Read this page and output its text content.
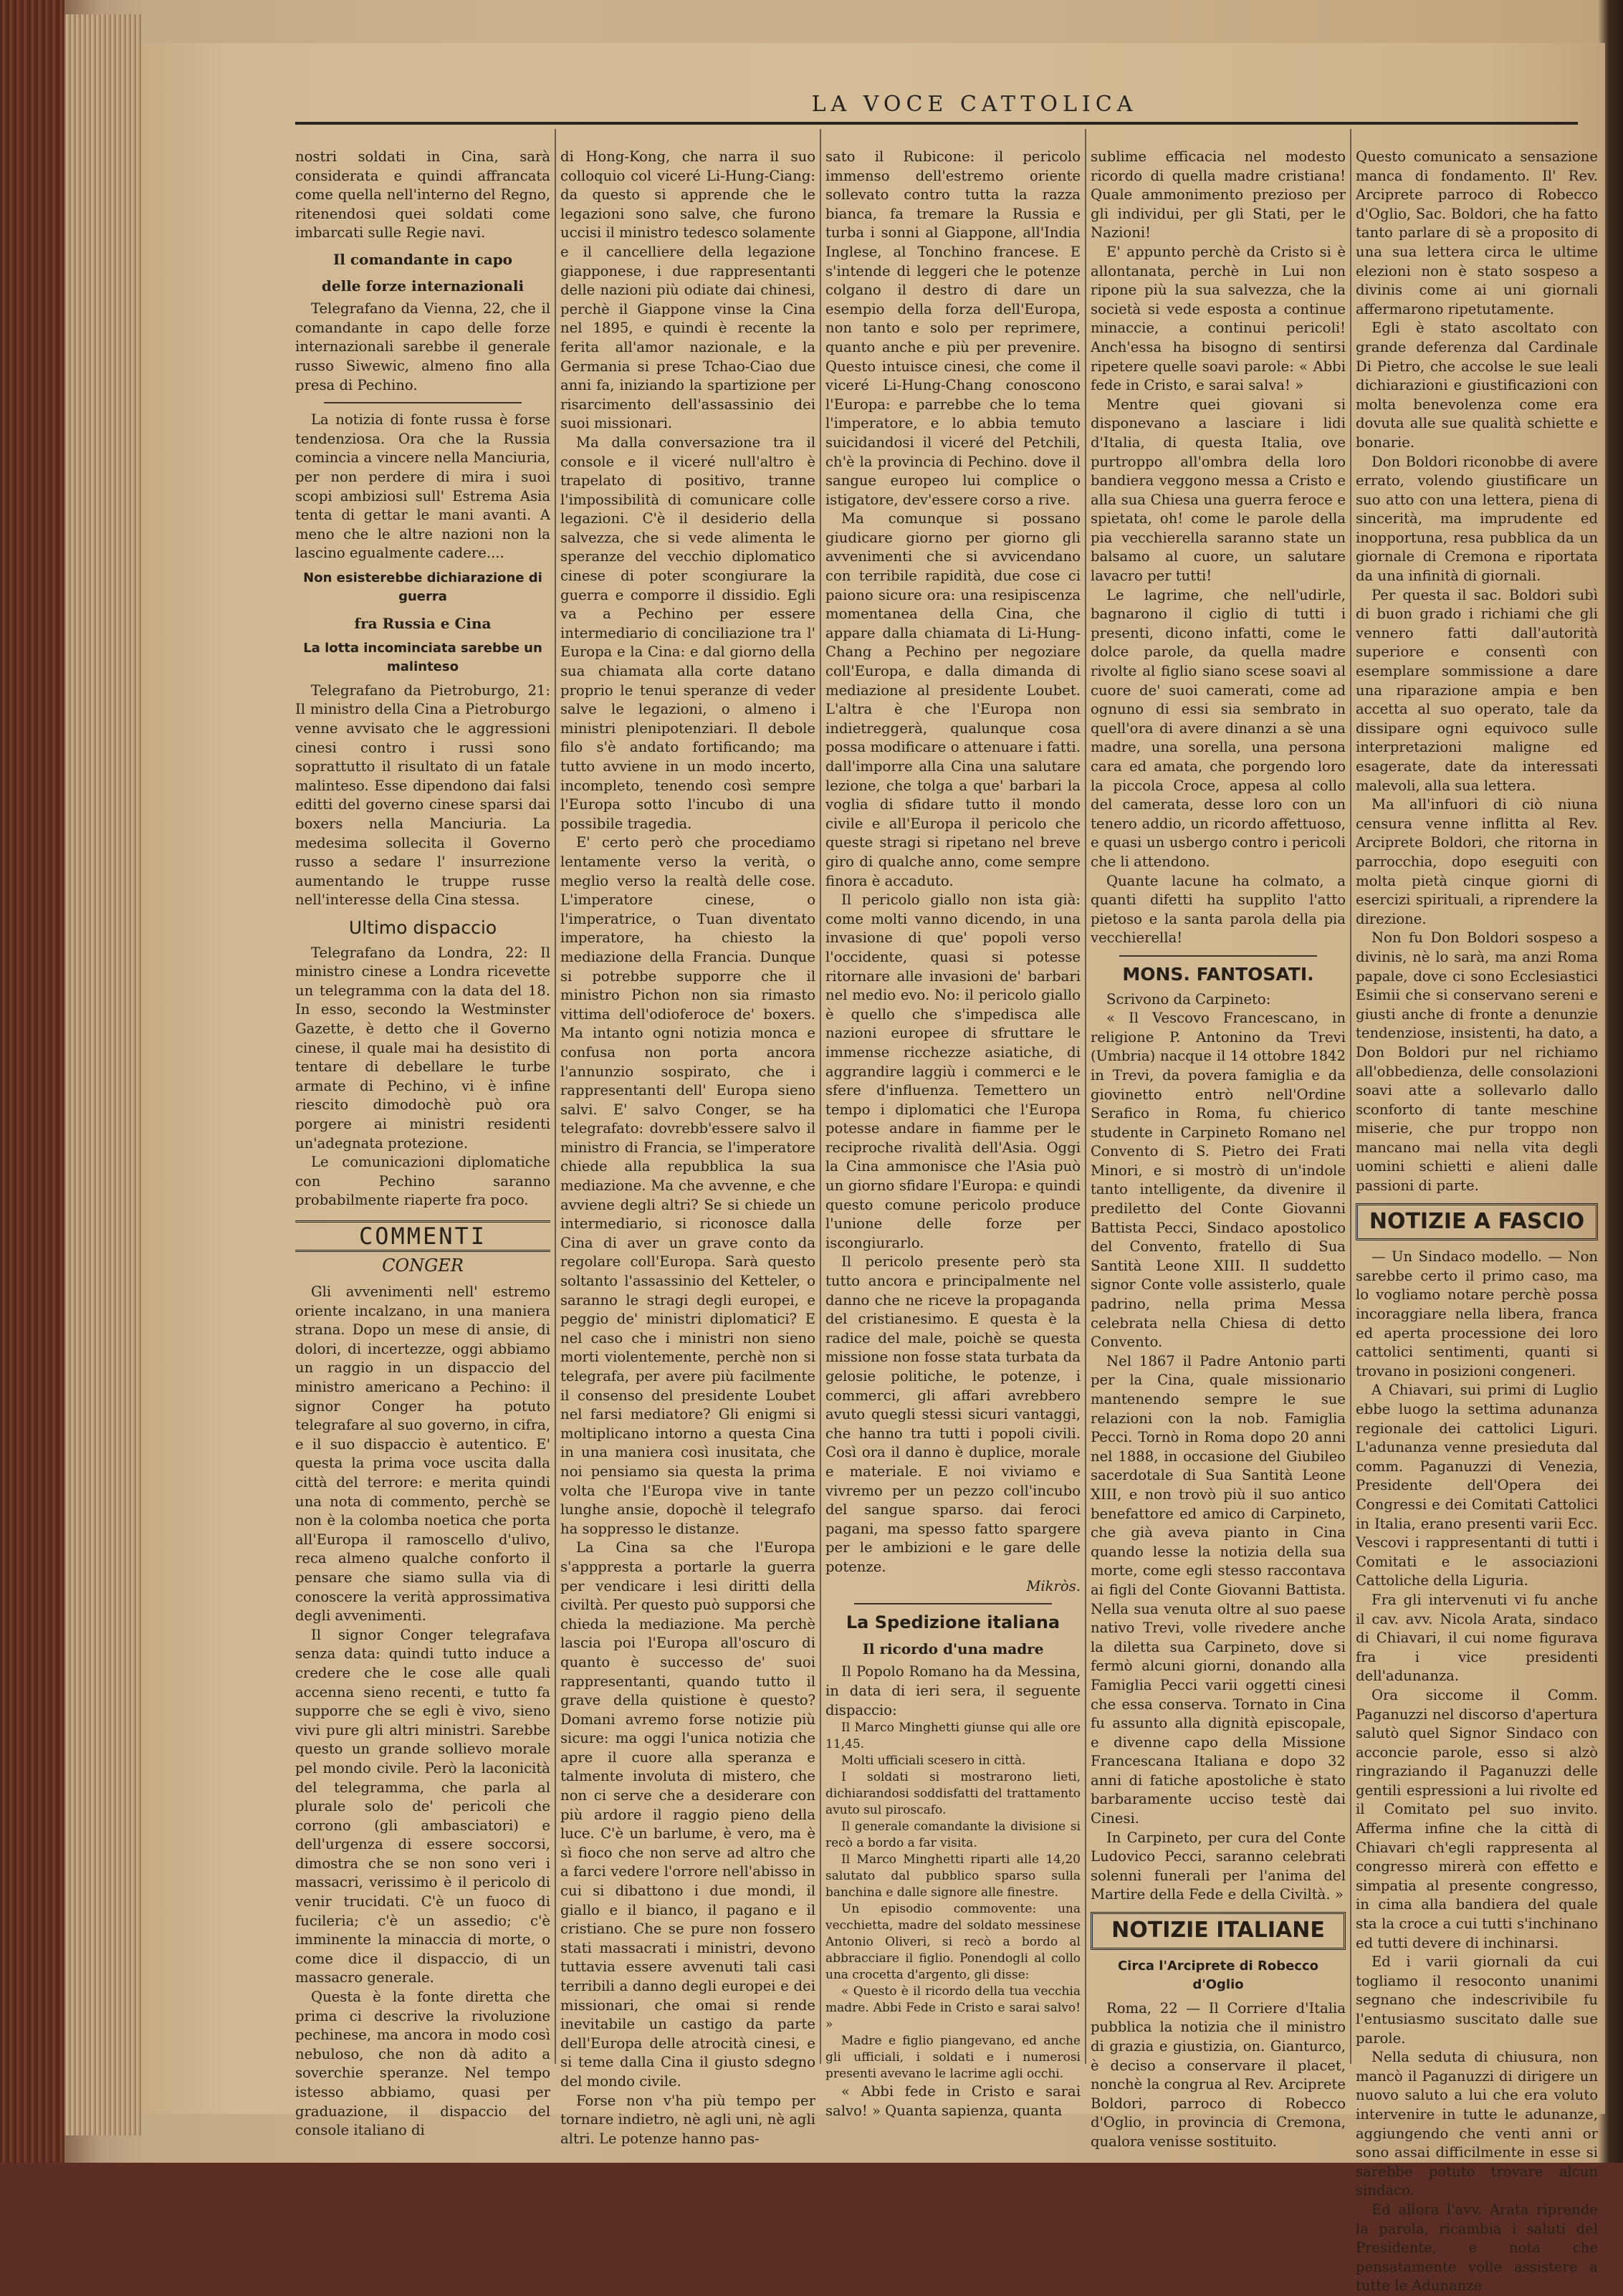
LA VOCE CATTOLICA

nostri soldati in Cina, sarà considerata e quindi affrancata come quella nell'interno del Regno, ritenendosi quei soldati come imbarcati sulle Regie navi.

Il comandante in capo
delle forze internazionali

Telegrafano da Vienna, 22, che il comandante in capo delle forze internazionali sarebbe il generale russo Siwewic, almeno fino alla presa di Pechino.

La notizia di fonte russa è forse tendenziosa. Ora che la Russia comincia a vincere nella Manciuria, per non perdere di mira i suoi scopi ambiziosi sull' Estrema Asia tenta di gettar le mani avanti. A meno che le altre nazioni non la lascino egualmente cadere....

Non esisterebbe dichiarazione di guerra
fra Russia e Cina
La lotta incominciata sarebbe un malinteso

Telegrafano da Pietroburgo, 21: Il ministro della Cina a Pietroburgo venne avvisato che le aggressioni cinesi contro i russi sono soprattutto il risultato di un fatale malinteso. Esse dipendono dai falsi editti del governo cinese sparsi dai boxers nella Manciuria. La medesima sollecita il Governo russo a sedare l' insurrezione aumentando le truppe russe nell'interesse della Cina stessa.

Ultimo dispaccio

Telegrafano da Londra, 22: Il ministro cinese a Londra ricevette un telegramma con la data del 18. In esso, secondo la Westminster Gazette, è detto che il Governo cinese, il quale mai ha desistito di tentare di debellare le turbe armate di Pechino, vi è infine riescito dimodochè può ora porgere ai ministri residenti un'adegnata protezione.

Le comunicazioni diplomatiche con Pechino saranno probabilmente riaperte fra poco.

COMMENTI
CONGER

Gli avvenimenti nell' estremo oriente incalzano, in una maniera strana. Dopo un mese di ansie, di dolori, di incertezze, oggi abbiamo un raggio in un dispaccio del ministro americano a Pechino: il signor Conger ha potuto telegrafare al suo governo, in cifra, e il suo dispaccio è autentico. E' questa la prima voce uscita dalla città del terrore: e merita quindi una nota di commento, perchè se non è la colomba noetica che porta all'Europa il ramoscello d'ulivo, reca almeno qualche conforto il pensare che siamo sulla via di conoscere la verità approssimativa degli avvenimenti.

Il signor Conger telegrafava senza data: quindi tutto induce a credere che le cose alle quali accenna sieno recenti, e tutto fa supporre che se egli è vivo, sieno vivi pure gli altri ministri. Sarebbe questo un grande sollievo morale pel mondo civile. Però la laconicità del telegramma, che parla al plurale solo de' pericoli che corrono (gli ambasciatori) e dell'urgenza di essere soccorsi, dimostra che se non sono veri i massacri, verissimo è il pericolo di venir trucidati. C'è un fuoco di fucileria; c'è un assedio; c'è imminente la minaccia di morte, o come dice il dispaccio, di un massacro generale.

Questa è la fonte diretta che prima ci descrive la rivoluzione pechinese, ma ancora in modo così nebuloso, che non dà adito a soverchie speranze. Nel tempo istesso abbiamo, quasi per graduazione, il dispaccio del console italiano di

di Hong-Kong, che narra il suo colloquio col viceré Li-Hung-Ciang: da questo si apprende che le legazioni sono salve, che furono uccisi il ministro tedesco solamente e il cancelliere della legazione giapponese, i due rappresentanti delle nazioni più odiate dai chinesi, perchè il Giappone vinse la Cina nel 1895, e quindi è recente la ferita all'amor nazionale, e la Germania si prese Tchao-Ciao due anni fa, iniziando la spartizione per risarcimento dell'assassinio dei suoi missionari.

Ma dalla conversazione tra il console e il viceré null'altro è trapelato di positivo, tranne l'impossibilità di comunicare colle legazioni. C'è il desiderio della salvezza, che si vede alimenta le speranze del vecchio diplomatico cinese di poter scongiurare la guerra e comporre il dissidio. Egli va a Pechino per essere intermediario di conciliazione tra l' Europa e la Cina: e dal giorno della sua chiamata alla corte datano proprio le tenui speranze di veder salve le legazioni, o almeno i ministri plenipotenziari. Il debole filo s'è andato fortificando; ma tutto avviene in un modo incerto, incompleto, tenendo così sempre l'Europa sotto l'incubo di una possibile tragedia.

E' certo però che procediamo lentamente verso la verità, o meglio verso la realtà delle cose. L'imperatore cinese, o l'imperatrice, o Tuan diventato imperatore, ha chiesto la mediazione della Francia. Dunque si potrebbe supporre che il ministro Pichon non sia rimasto vittima dell'odioferoce de' boxers. Ma intanto ogni notizia monca e confusa non porta ancora l'annunzio sospirato, che i rappresentanti dell' Europa sieno salvi. E' salvo Conger, se ha telegrafato: dovrebb'essere salvo il ministro di Francia, se l'imperatore chiede alla repubblica la sua mediazione. Ma che avvenne, e che avviene degli altri? Se si chiede un intermediario, si riconosce dalla Cina di aver un grave conto da regolare coll'Europa. Sarà questo soltanto l'assassinio del Ketteler, o saranno le stragi degli europei, e peggio de' ministri diplomatici? E nel caso che i ministri non sieno morti violentemente, perchè non si telegrafa, per avere più facilmente il consenso del presidente Loubet nel farsi mediatore? Gli enigmi si moltiplicano intorno a questa Cina in una maniera così inusitata, che noi pensiamo sia questa la prima volta che l'Europa vive in tante lunghe ansie, dopochè il telegrafo ha soppresso le distanze.

La Cina sa che l'Europa s'apppresta a portarle la guerra per vendicare i lesi diritti della civiltà. Per questo può supporsi che chieda la mediazione. Ma perchè lascia poi l'Europa all'oscuro di quanto è successo de' suoi rappresentanti, quando tutto il grave della quistione è questo? Domani avremo forse notizie più sicure: ma oggi l'unica notizia che apre il cuore alla speranza e talmente involuta di mistero, che non ci serve che a desiderare con più ardore il raggio pieno della luce. C'è un barlume, è vero, ma è sì fioco che non serve ad altro che a farci vedere l'orrore nell'abisso in cui si dibattono i due mondi, il giallo e il bianco, il pagano e il cristiano. Che se pure non fossero stati massacrati i ministri, devono tuttavia essere avvenuti tali casi terribili a danno degli europei e dei missionari, che omai si rende inevitabile un castigo da parte dell'Europa delle atrocità cinesi, e si teme dalla Cina il giusto sdegno del mondo civile.

Forse non v'ha più tempo per tornare indietro, nè agli uni, nè agli altri. Le potenze hanno pas-

sato il Rubicone: il pericolo immenso dell'estremo oriente sollevato contro tutta la razza bianca, fa tremare la Russia e turba i sonni al Giappone, all'India Inglese, al Tonchino francese. E s'intende di leggeri che le potenze colgano il destro di dare un esempio della forza dell'Europa, non tanto e solo per reprimere, quanto anche e più per prevenire. Questo intuisce cinesi, che come il viceré Li-Hung-Chang conoscono l'Europa: e parrebbe che lo tema l'imperatore, e lo abbia temuto suicidandosi il viceré del Petchili, ch'è la provincia di Pechino. dove il sangue europeo lui complice o istigatore, dev'essere corso a rive.

Ma comunque si possano giudicare giorno per giorno gli avvenimenti che si avvicendano con terribile rapidità, due cose ci paiono sicure ora: una resipiscenza momentanea della Cina, che appare dalla chiamata di Li-Hung-Chang a Pechino per negoziare coll'Europa, e dalla dimanda di mediazione al presidente Loubet. L'altra è che l'Europa non indietreggerà, qualunque cosa possa modificare o attenuare i fatti. dall'imporre alla Cina una salutare lezione, che tolga a que' barbari la voglia di sfidare tutto il mondo civile e all'Europa il pericolo che queste stragi si ripetano nel breve giro di qualche anno, come sempre finora è accaduto.

Il pericolo giallo non ista già: come molti vanno dicendo, in una invasione di que' popoli verso l'occidente, quasi si potesse ritornare alle invasioni de' barbari nel medio evo. No: il pericolo giallo è quello che s'impedisca alle nazioni europee di sfruttare le immense ricchezze asiatiche, di aggrandire laggiù i commerci e le sfere d'influenza. Temettero un tempo i diplomatici che l'Europa potesse andare in fiamme per le reciproche rivalità dell'Asia. Oggi la Cina ammonisce che l'Asia può un giorno sfidare l'Europa: e quindi questo comune pericolo produce l'unione delle forze per iscongiurarlo.

Il pericolo presente però sta tutto ancora e principalmente nel danno che ne riceve la propaganda del cristianesimo. E questa è la radice del male, poichè se questa missione non fosse stata turbata da gelosie politiche, le potenze, i commerci, gli affari avrebbero avuto quegli stessi sicuri vantaggi, che hanno tra tutti i popoli civili. Così ora il danno è duplice, morale e materiale. E noi viviamo e vivremo per un pezzo coll'incubo del sangue sparso. dai feroci pagani, ma spesso fatto spargere per le ambizioni e le gare delle potenze.

Mikròs.

La Spedizione italiana
Il ricordo d'una madre

Il Popolo Romano ha da Messina, in data di ieri sera, il seguente dispaccio:

Il Marco Minghetti giunse qui alle ore 11,45.

Molti ufficiali scesero in città.

I soldati si mostrarono lieti, dichiarandosi soddisfatti del trattamento avuto sul piroscafo.

Il generale comandante la divisione si recò a bordo a far visita.

Il Marco Minghetti riparti alle 14,20 salutato dal pubblico sparso sulla banchina e dalle signore alle finestre.

Un episodio commovente: una vecchietta, madre del soldato messinese Antonio Oliveri, si recò a bordo al abbracciare il figlio. Ponendogli al collo una crocetta d'argento, gli disse:

« Questo è il ricordo della tua vecchia madre. Abbi Fede in Cristo e sarai salvo! »

Madre e figlio piangevano, ed anche gli ufficiali, i soldati e i numerosi presenti avevano le lacrime agli occhi.

« Abbi fede in Cristo e sarai salvo! » Quanta sapienza, quanta

sublime efficacia nel modesto ricordo di quella madre cristiana! Quale ammonimento prezioso per gli individui, per gli Stati, per le Nazioni!

E' appunto perchè da Cristo si è allontanata, perchè in Lui non ripone più la sua salvezza, che la società si vede esposta a continue minaccie, a continui pericoli! Anch'essa ha bisogno di sentirsi ripetere quelle soavi parole: « Abbi fede in Cristo, e sarai salva! »

Mentre quei giovani si disponevano a lasciare i lidi d'Italia, di questa Italia, ove purtroppo all'ombra della loro bandiera veggono messa a Cristo e alla sua Chiesa una guerra feroce e spietata, oh! come le parole della pia vecchierella saranno state un balsamo al cuore, un salutare lavacro per tutti!

Le lagrime, che nell'udirle, bagnarono il ciglio di tutti i presenti, dicono infatti, come le dolce parole, da quella madre rivolte al figlio siano scese soavi al cuore de' suoi camerati, come ad ognuno di essi sia sembrato in quell'ora di avere dinanzi a sè una madre, una sorella, una persona cara ed amata, che porgendo loro la piccola Croce, appesa al collo del camerata, desse loro con un tenero addio, un ricordo affettuoso, e quasi un usbergo contro i pericoli che li attendono.

Quante lacune ha colmato, a quanti difetti ha supplito l'atto pietoso e la santa parola della pia vecchierella!

MONS. FANTOSATI.

Scrivono da Carpineto:

« Il Vescovo Francescano, in religione P. Antonino da Trevi (Umbria) nacque il 14 ottobre 1842 in Trevi, da povera famiglia e da giovinetto entrò nell'Ordine Serafico in Roma, fu chierico studente in Carpineto Romano nel Convento di S. Pietro dei Frati Minori, e si mostrò di un'indole tanto intelligente, da divenire il prediletto del Conte Giovanni Battista Pecci, Sindaco apostolico del Convento, fratello di Sua Santità Leone XIII. Il suddetto signor Conte volle assisterlo, quale padrino, nella prima Messa celebrata nella Chiesa di detto Convento.

Nel 1867 il Padre Antonio parti per la Cina, quale missionario mantenendo sempre le sue relazioni con la nob. Famiglia Pecci. Tornò in Roma dopo 20 anni nel 1888, in occasione del Giubileo sacerdotale di Sua Santità Leone XIII, e non trovò più il suo antico benefattore ed amico di Carpineto, che già aveva pianto in Cina quando lesse la notizia della sua morte, come egli stesso raccontava ai figli del Conte Giovanni Battista. Nella sua venuta oltre al suo paese nativo Trevi, volle rivedere anche la diletta sua Carpineto, dove si fermò alcuni giorni, donando alla Famiglia Pecci varii oggetti cinesi che essa conserva. Tornato in Cina fu assunto alla dignità episcopale, e divenne capo della Missione Francescana Italiana e dopo 32 anni di fatiche apostoliche è stato barbaramente ucciso testè dai Cinesi.

In Carpineto, per cura del Conte Ludovico Pecci, saranno celebrati solenni funerali per l'anima del Martire della Fede e della Civiltà. »

NOTIZIE ITALIANE
Circa l'Arciprete di Robecco d'Oglio

Roma, 22 — Il Corriere d'Italia pubblica la notizia che il ministro di grazia e giustizia, on. Gianturco, è deciso a conservare il placet, nonchè la congrua al Rev. Arciprete Boldori, parroco di Robecco d'Oglio, in provincia di Cremona, qualora venisse sostituito.

Questo comunicato a sensazione manca di fondamento. Il' Rev. Arciprete parroco di Robecco d'Oglio, Sac. Boldori, che ha fatto tanto parlare di sè a proposito di una sua lettera circa le ultime elezioni non è stato sospeso a divinis come ai uni giornali affermarono ripetutamente.

Egli è stato ascoltato con grande deferenza dal Cardinale Di Pietro, che accolse le sue leali dichiarazioni e giustificazioni con molta benevolenza come era dovuta alle sue qualità schiette e bonarie.

Don Boldori riconobbe di avere errato, volendo giustificare un suo atto con una lettera, piena di sincerità, ma imprudente ed inopportuna, resa pubblica da un giornale di Cremona e riportata da una infinità di giornali.

Per questa il sac. Boldori subì di buon grado i richiami che gli vennero fatti dall'autorità superiore e consentì con esemplare sommissione a dare una riparazione ampia e ben accetta al suo operato, tale da dissipare ogni equivoco sulle interpretazioni maligne ed esagerate, date da interessati malevoli, alla sua lettera.

Ma all'infuori di ciò niuna censura venne inflitta al Rev. Arciprete Boldori, che ritorna in parrocchia, dopo eseguiti con molta pietà cinque giorni di esercizi spirituali, a riprendere la direzione.

Non fu Don Boldori sospeso a divinis, nè lo sarà, ma anzi Roma papale, dove ci sono Ecclesiastici Esimii che si conservano sereni e giusti anche di fronte a denunzie tendenziose, insistenti, ha dato, a Don Boldori pur nel richiamo all'obbedienza, delle consolazioni soavi atte a sollevarlo dallo sconforto di tante meschine miserie, che pur troppo non mancano mai nella vita degli uomini schietti e alieni dalle passioni di parte.

NOTIZIE A FASCIO

— Un Sindaco modello. — Non sarebbe certo il primo caso, ma lo vogliamo notare perchè possa incoraggiare nella libera, franca ed aperta processione dei loro cattolici sentimenti, quanti si trovano in posizioni congeneri.

A Chiavari, sui primi di Luglio ebbe luogo la settima adunanza regionale dei cattolici Liguri. L'adunanza venne presieduta dal comm. Paganuzzi di Venezia, Presidente dell'Opera dei Congressi e dei Comitati Cattolici in Italia, erano presenti varii Ecc. Vescovi i rappresentanti di tutti i Comitati e le associazioni Cattoliche della Liguria.

Fra gli intervenuti vi fu anche il cav. avv. Nicola Arata, sindaco di Chiavari, il cui nome figurava fra i vice presidenti dell'adunanza.

Ora siccome il Comm. Paganuzzi nel discorso d'apertura salutò quel Signor Sindaco con acconcie parole, esso si alzò ringraziando il Paganuzzi delle gentili espressioni a lui rivolte ed il Comitato pel suo invito. Afferma infine che la città di Chiavari ch'egli rappresenta al congresso mirerà con effetto e simpatia al presente congresso, in cima alla bandiera del quale sta la croce a cui tutti s'inchinano ed tutti devere di inchinarsi.

Ed i varii giornali da cui togliamo il resoconto unanimi segnano che indescrivibile fu l'entusiasmo suscitato dalle sue parole.

Nella seduta di chiusura, non mancò il Paganuzzi di dirigere un nuovo saluto a lui che era voluto intervenire in tutte le adunanze, aggiungendo che venti anni or sono assai difficilmente in esse si sarebbe potuto trovare alcun sindaco.

Ed allora l'avv. Arata riprende la parola, ricambia i saluti del Presidente, e nota che pensatamente volle assistere a tutte le Adunanze
